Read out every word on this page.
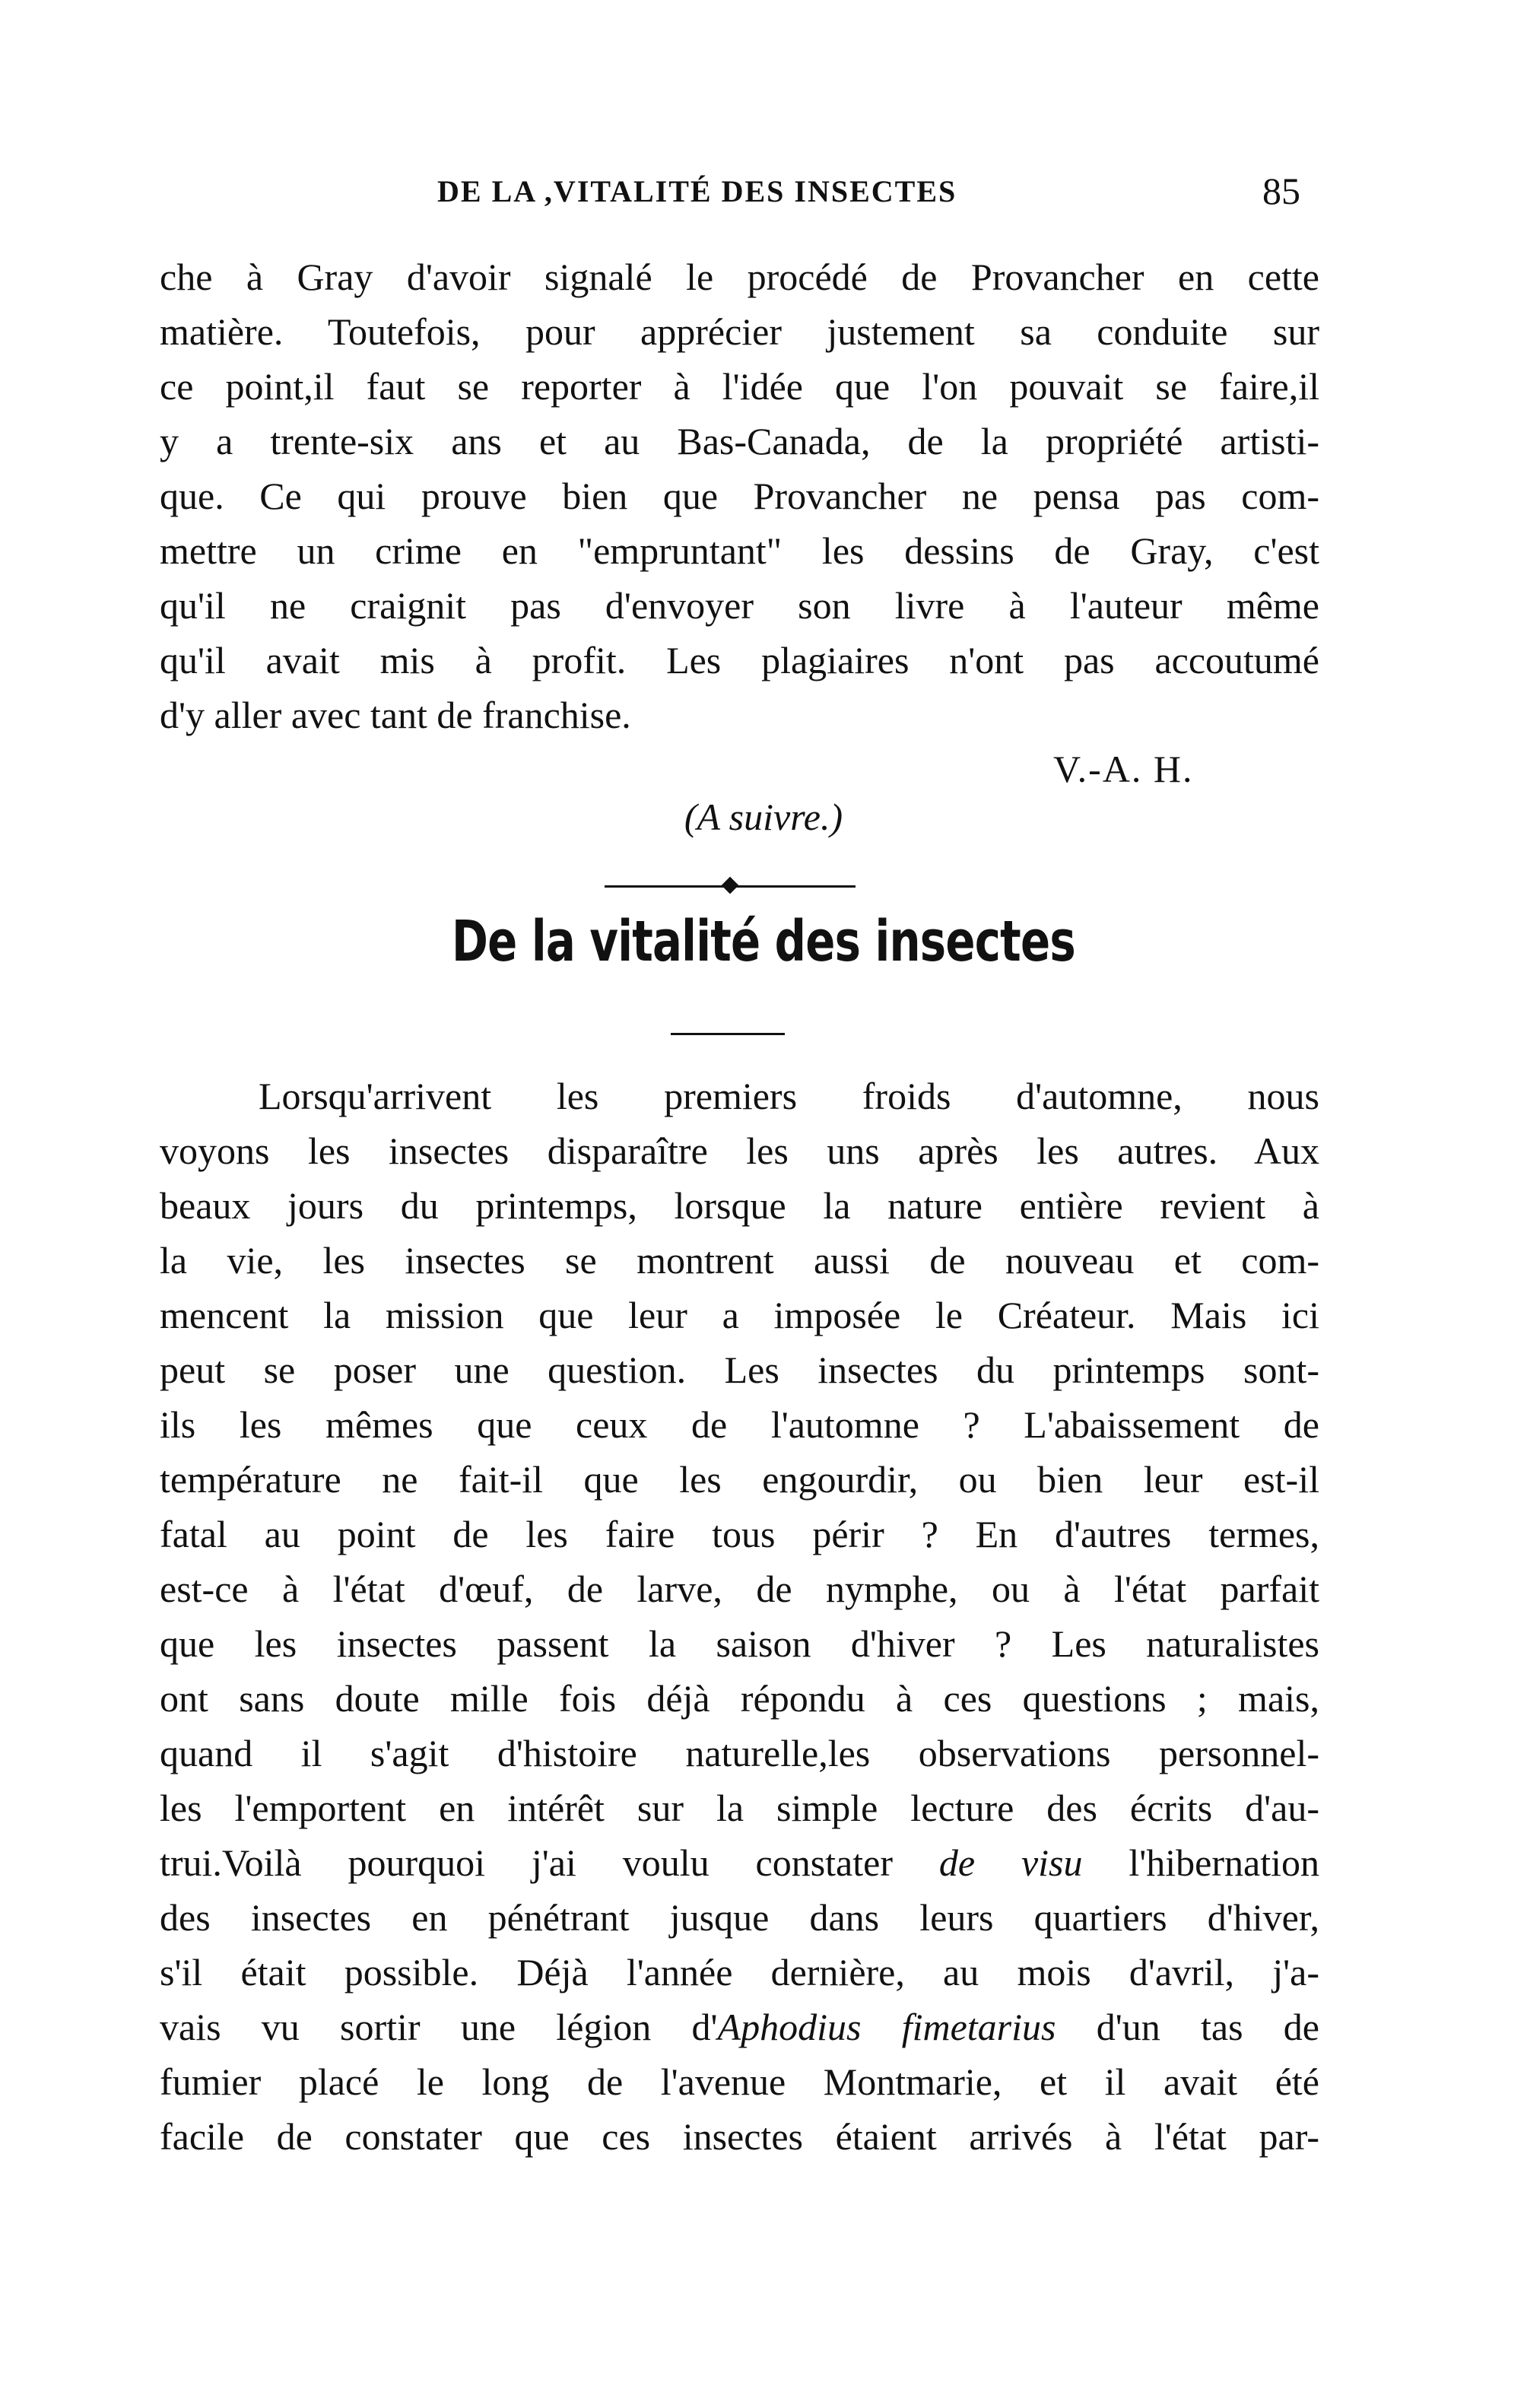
DE LA ,VITALITÉ DES INSECTES	85
che à Gray d'avoir signalé le procédé de Provancher en cette
matière. Toutefois, pour apprécier justement sa conduite sur
ce point,il faut se reporter à l'idée que l'on pouvait se faire,il
y a trente-six ans et au Bas-Canada, de la propriété artisti-
que. Ce qui prouve bien que Provancher ne pensa pas com-
mettre un crime en "empruntant" les dessins de Gray, c'est
qu'il ne craignit pas d'envoyer son livre à l'auteur même
qu'il avait mis à profit. Les plagiaires n'ont pas accoutumé
d'y aller avec tant de franchise.
V.-A. H.
(A suivre.)
De la vitalité des insectes
Lorsqu'arrivent les premiers froids d'automne, nous
voyons les insectes disparaître les uns après les autres. Aux
beaux jours du printemps, lorsque la nature entière revient à
la vie, les insectes se montrent aussi de nouveau et com-
mencent la mission que leur a imposée le Créateur. Mais ici
peut se poser une question. Les insectes du printemps sont-
ils les mêmes que ceux de l'automne ? L'abaissement de
température ne fait-il que les engourdir, ou bien leur est-il
fatal au point de les faire tous périr ? En d'autres termes,
est-ce à l'état d'œuf, de larve, de nymphe, ou à l'état parfait
que les insectes passent la saison d'hiver ? Les naturalistes
ont sans doute mille fois déjà répondu à ces questions ; mais,
quand il s'agit d'histoire naturelle,les observations personnel-
les l'emportent en intérêt sur la simple lecture des écrits d'au-
trui.Voilà pourquoi j'ai voulu constater de visu l'hibernation
des insectes en pénétrant jusque dans leurs quartiers d'hiver,
s'il était possible. Déjà l'année dernière, au mois d'avril, j'a-
vais vu sortir une légion d'Aphodius fimetarius d'un tas de
fumier placé le long de l'avenue Montmarie, et il avait été
facile de constater que ces insectes étaient arrivés à l'état par-
